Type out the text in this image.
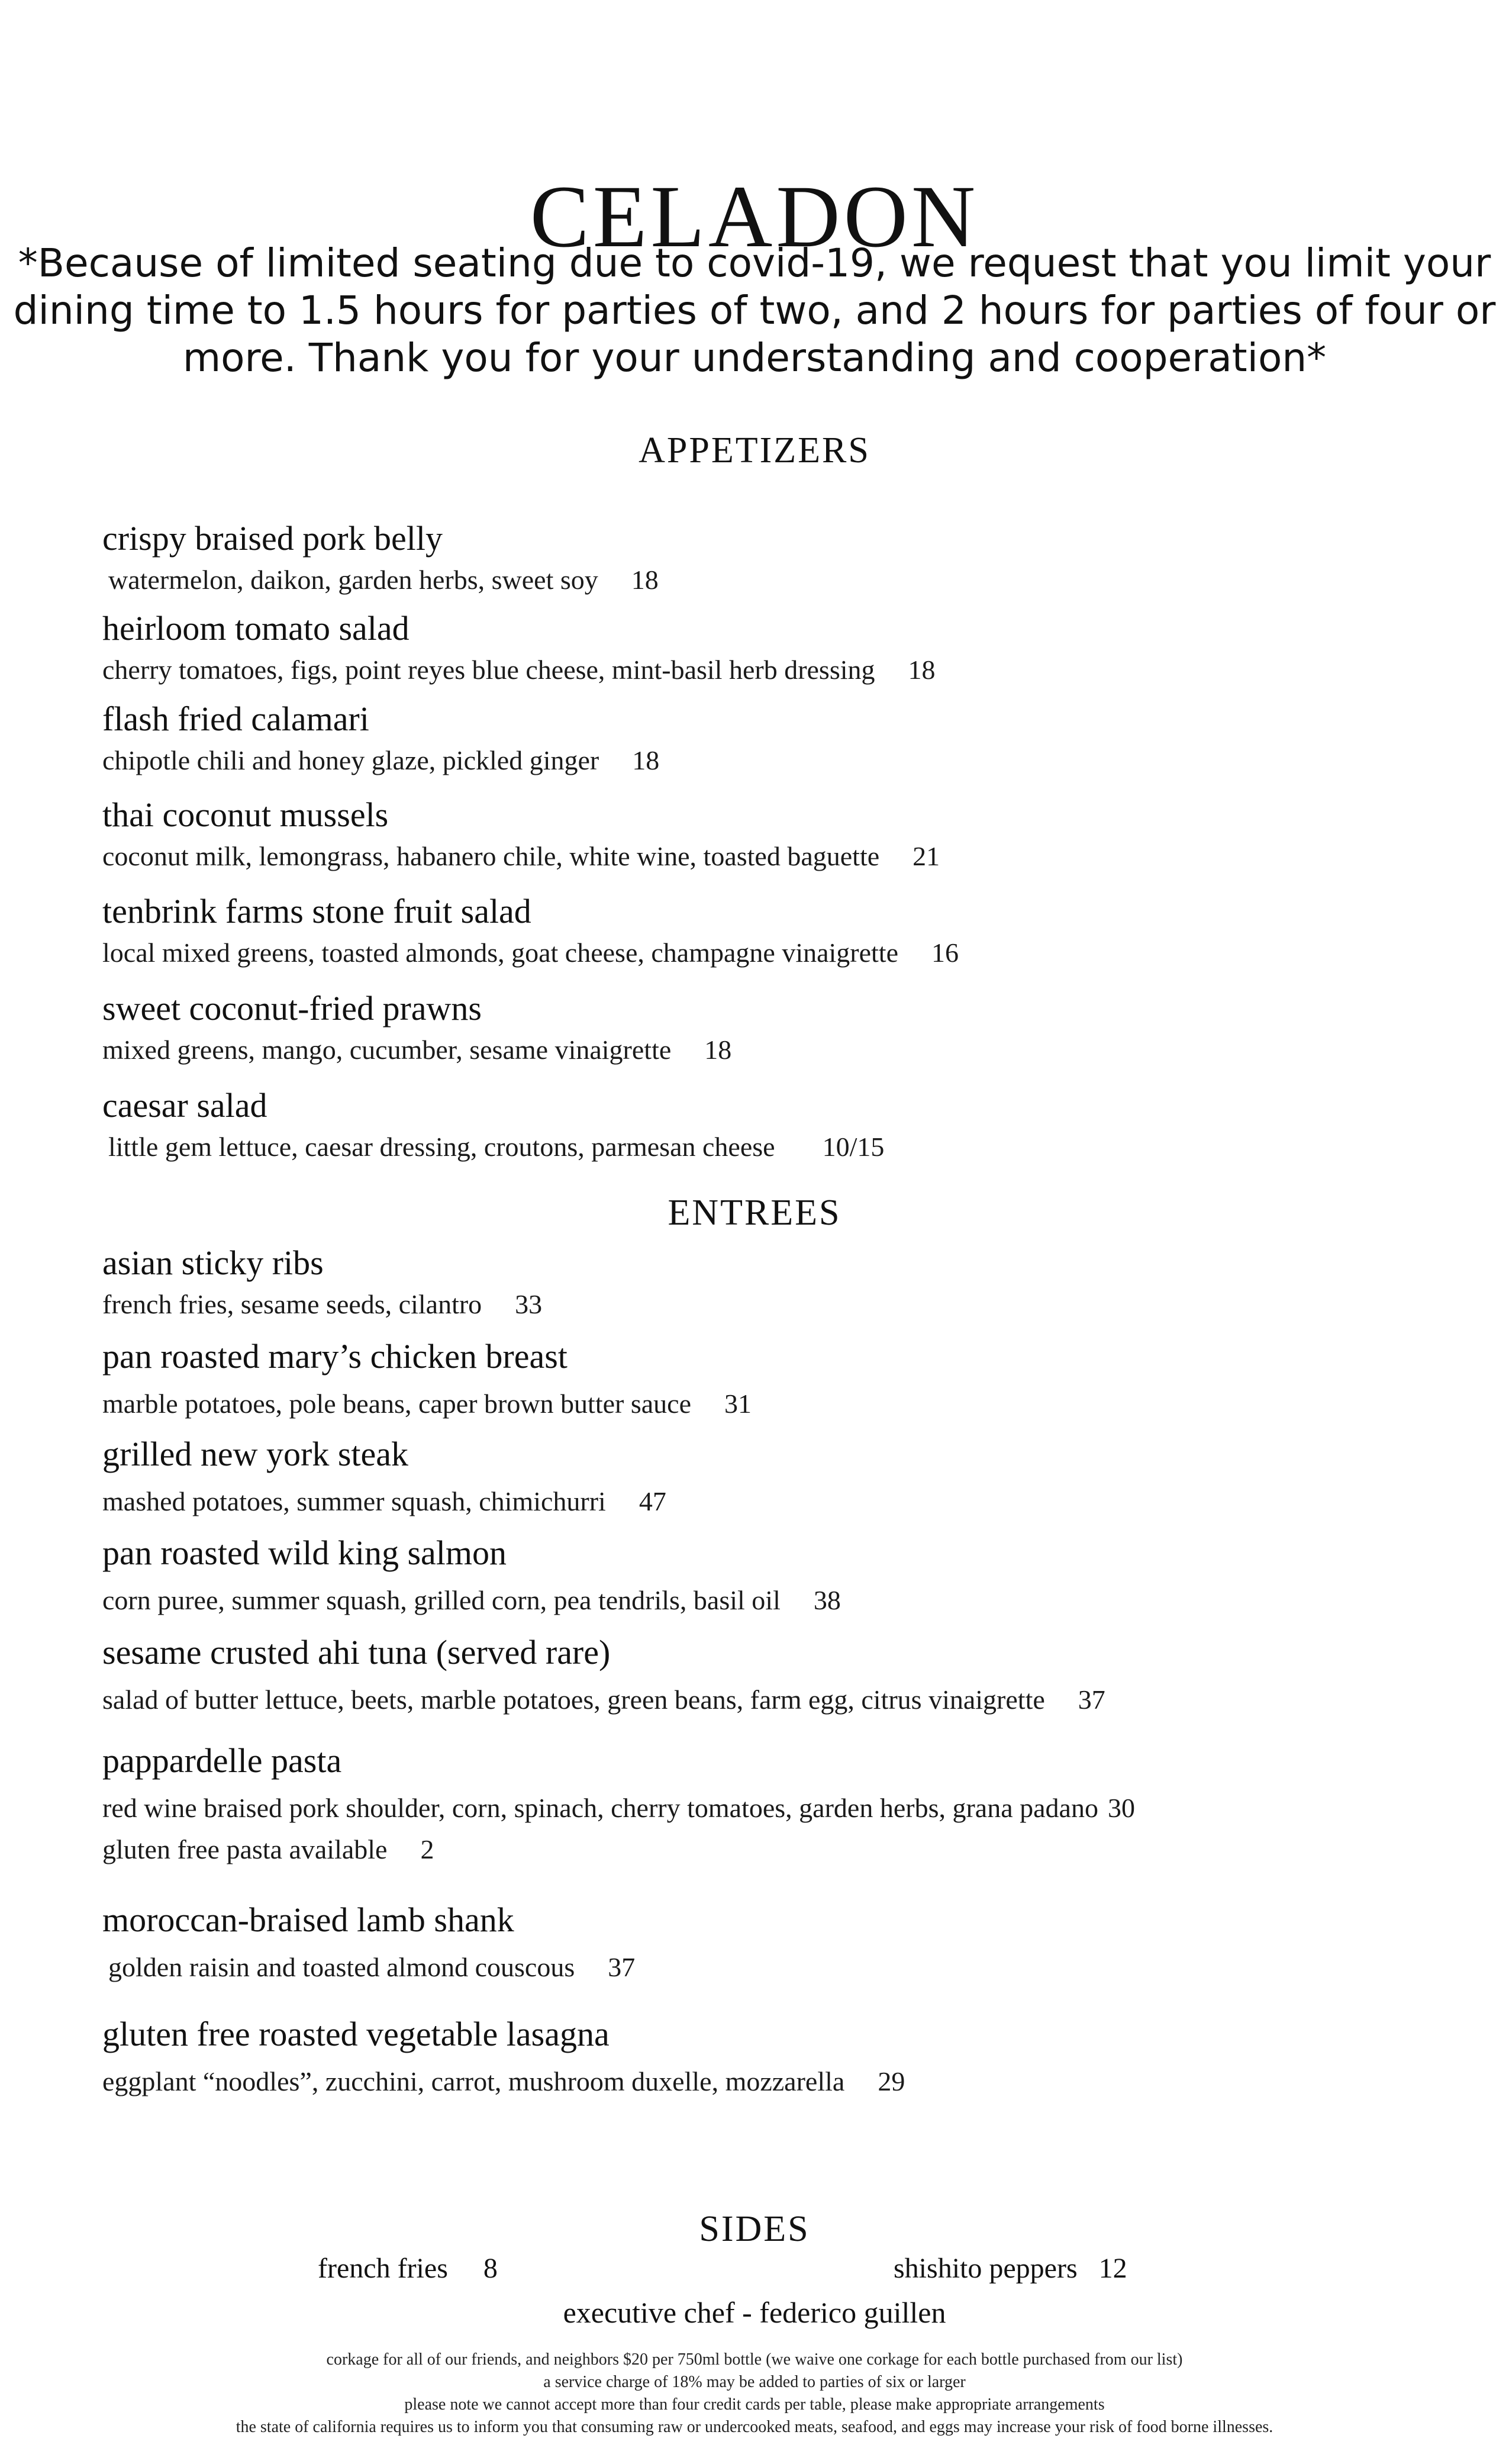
CELADON
*Because of limited seating due to covid-19, we request that you limit your dining time to 1.5 hours for parties of two, and 2 hours for parties of four or more. Thank you for your understanding and cooperation*
APPETIZERS
crispy braised pork belly
watermelon, daikon, garden herbs, sweet soy 18
heirloom tomato salad
cherry tomatoes, figs, point reyes blue cheese, mint-basil herb dressing 18
flash fried calamari
chipotle chili and honey glaze, pickled ginger 18
thai coconut mussels
coconut milk, lemongrass, habanero chile, white wine, toasted baguette 21
tenbrink farms stone fruit salad
local mixed greens, toasted almonds, goat cheese, champagne vinaigrette 16
sweet coconut-fried prawns
mixed greens, mango, cucumber, sesame vinaigrette 18
caesar salad
little gem lettuce, caesar dressing, croutons, parmesan cheese 10/15
ENTREES
asian sticky ribs
french fries, sesame seeds, cilantro 33
pan roasted mary’s chicken breast
marble potatoes, pole beans, caper brown butter sauce 31
grilled new york steak
mashed potatoes, summer squash, chimichurri 47
pan roasted wild king salmon
corn puree, summer squash, grilled corn, pea tendrils, basil oil 38
sesame crusted ahi tuna (served rare)
salad of butter lettuce, beets, marble potatoes, green beans, farm egg, citrus vinaigrette 37
pappardelle pasta
red wine braised pork shoulder, corn, spinach, cherry tomatoes, garden herbs, grana padano 30
gluten free pasta available 2
moroccan-braised lamb shank
golden raisin and toasted almond couscous 37
gluten free roasted vegetable lasagna
eggplant “noodles”, zucchini, carrot, mushroom duxelle, mozzarella 29
SIDES
french fries 8	shishito peppers 12
executive chef - federico guillen
corkage for all of our friends, and neighbors $20 per 750ml bottle (we waive one corkage for each bottle purchased from our list)
a service charge of 18% may be added to parties of six or larger
please note we cannot accept more than four credit cards per table, please make appropriate arrangements
the state of california requires us to inform you that consuming raw or undercooked meats, seafood, and eggs may increase your risk of food borne illnesses.
